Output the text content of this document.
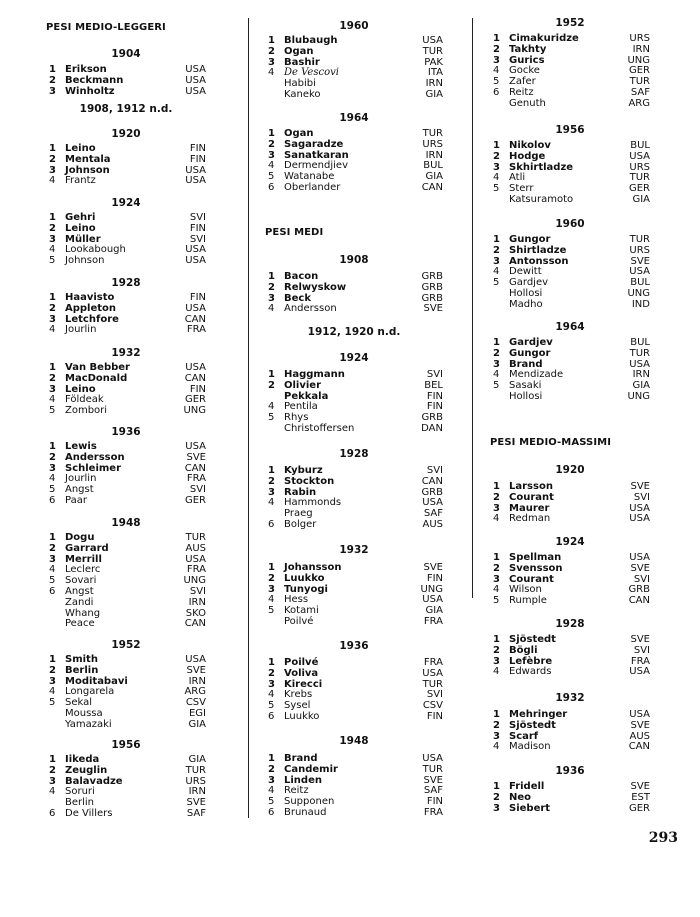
PESI MEDIO-LEGGERI
1904
1 Erikson	USA
2 Beckmann	USA
3 Winholtz	USA
1908, 1912 n.d.
1920
1 Leino	FIN
2 Mentala	FIN
3 Johnson	USA
4 Frantz	USA
1924
1 Gehri	SVI
2 Leino	FIN
3 Müller	SVI
4 Lookabough	USA
5 Johnson	USA
1928
1 Haavisto	FIN
2 Appleton	USA
3 Letchfore	CAN
4 Jourlin	FRA
1932
1 Van Bebber	USA
2 MacDonald	CAN
3 Leino	FIN
4 Földeak	GER
5 Zombori	UNG
1936
1 Lewis	USA
2 Andersson	SVE
3 Schleimer	CAN
4 Jourlin	FRA
5 Angst	SVI
6 Paar	GER
1948
1 Dogu	TUR
2 Garrard	AUS
3 Merrill	USA
4 Leclerc	FRA
5 Sovari	UNG
6 Angst	SVI
Zandi	IRN
Whang	SKO
Peace	CAN
1952
1 Smith	USA
2 Berlin	SVE
3 Moditabavi	IRN
4 Longarela	ARG
5 Sekal	CSV
Moussa	EGI
Yamazaki	GIA
1956
1 Iikeda	GIA
2 Zeuglin	TUR
3 Balavadze	URS
4 Soruri	IRN
Berlin	SVE
6 De Villers	SAF
1960
1 Blubaugh	USA
2 Ogan	TUR
3 Bashir	PAK
4 De Vescovi	ITA
Habibi	IRN
Kaneko	GIA
1964
1 Ogan	TUR
2 Sagaradze	URS
3 Sanatkaran	IRN
4 Dermendjiev	BUL
5 Watanabe	GIA
6 Oberlander	CAN
PESI MEDI
1908
1 Bacon	GRB
2 Relwyskow	GRB
3 Beck	GRB
4 Andersson	SVE
1912, 1920 n.d.
1924
1 Haggmann	SVI
2 Olivier	BEL
Pekkala	FIN
4 Pentila	FIN
5 Rhys	GRB
Christoffersen	DAN
1928
1 Kyburz	SVI
2 Stockton	CAN
3 Rabin	GRB
4 Hammonds	USA
Praeg	SAF
6 Bolger	AUS
1932
1 Johansson	SVE
2 Luukko	FIN
3 Tunyogi	UNG
4 Hess	USA
5 Kotami	GIA
Poilvé	FRA
1936
1 Poilvé	FRA
2 Voliva	USA
3 Kirecci	TUR
4 Krebs	SVI
5 Sysel	CSV
6 Luukko	FIN
1948
1 Brand	USA
2 Candemir	TUR
3 Linden	SVE
4 Reitz	SAF
5 Supponen	FIN
6 Brunaud	FRA
1952
1 Cimakuridze	URS
2 Takhty	IRN
3 Gurics	UNG
4 Gocke	GER
5 Zafer	TUR
6 Reitz	SAF
Genuth	ARG
1956
1 Nikolov	BUL
2 Hodge	USA
3 Skhirtladze	URS
4 Atli	TUR
5 Sterr	GER
Katsuramoto	GIA
1960
1 Gungor	TUR
2 Shirtladze	URS
3 Antonsson	SVE
4 Dewitt	USA
5 Gardjev	BUL
Hollosi	UNG
Madho	IND
1964
1 Gardjev	BUL
2 Gungor	TUR
3 Brand	USA
4 Mendizade	IRN
5 Sasaki	GIA
Hollosi	UNG
PESI MEDIO-MASSIMI
1920
1 Larsson	SVE
2 Courant	SVI
3 Maurer	USA
4 Redman	USA
1924
1 Spellman	USA
2 Svensson	SVE
3 Courant	SVI
4 Wilson	GRB
5 Rumple	CAN
1928
1 Sjöstedt	SVE
2 Bögli	SVI
3 Lefèbre	FRA
4 Edwards	USA
1932
1 Mehringer	USA
2 Sjöstedt	SVE
3 Scarf	AUS
4 Madison	CAN
1936
1 Fridell	SVE
2 Neo	EST
3 Siebert	GER
293
